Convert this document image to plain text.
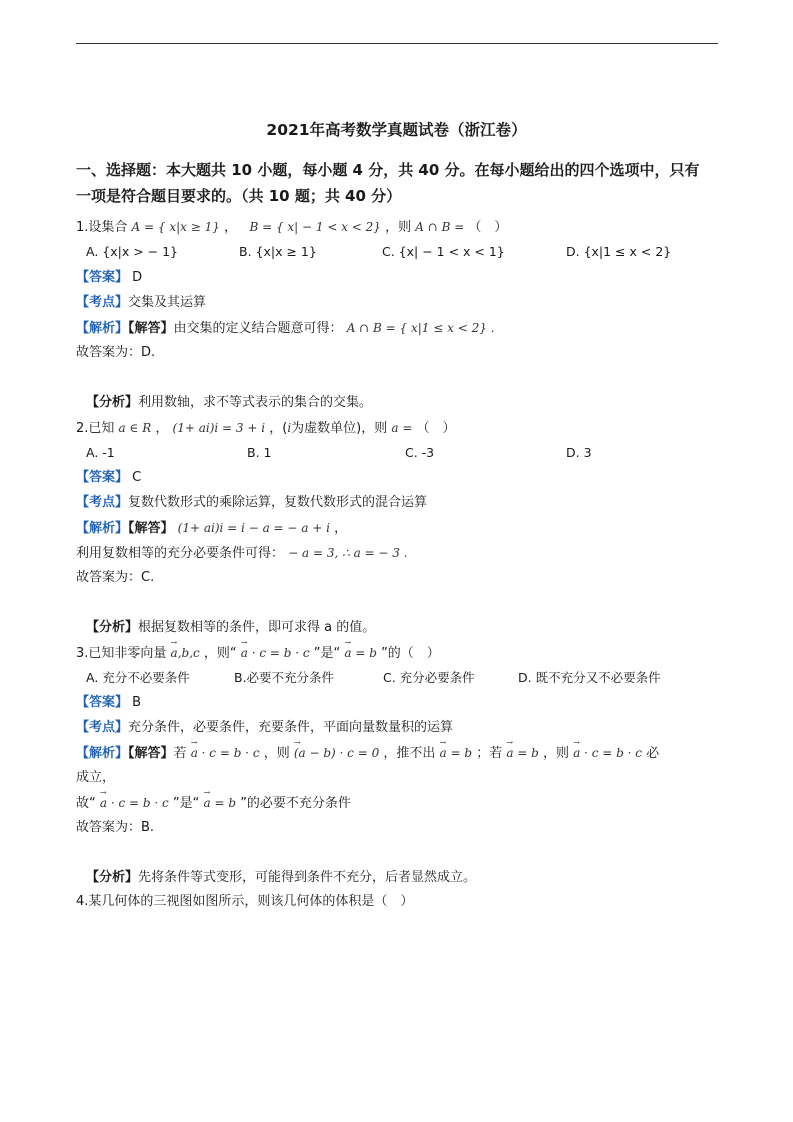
2021年高考数学真题试卷（浙江卷）
一、选择题：本大题共 10 小题，每小题 4 分，共 40 分。在每小题给出的四个选项中，只有
一项是符合题目要求的。（共 10 题；共 40 分）
1.设集合 A = { x|x ≥ 1} ， B = { x| − 1 < x < 2} ，则 A ∩ B = （　）
A. {x|x > − 1}	B. {x|x ≥ 1}	C. {x| − 1 < x < 1}	D. {x|1 ≤ x < 2}
【答案】 D
【考点】交集及其运算
【解析】【解答】由交集的定义结合题意可得： A ∩ B = { x|1 ≤ x < 2} .
故答案为：D.
【分析】利用数轴，求不等式表示的集合的交集。
2.已知 a ∈ R ， (1+ ai)i = 3 + i ，(i为虚数单位)，则 a = （　）
A. -1	B. 1	C. -3	D. 3
【答案】 C
【考点】复数代数形式的乘除运算，复数代数形式的混合运算
【解析】【解答】 (1+ ai)i = i − a = − a + i ，
利用复数相等的充分必要条件可得： − a = 3, ∴ a = − 3 .
故答案为：C.
【分析】根据复数相等的条件，即可求得 a 的值。
3.已知非零向量 → a,b,c ，则“ → a · c = b · c ”是“ → a = b ”的（　）
A. 充分不必要条件	B.必要不充分条件	C. 充分必要条件	D. 既不充分又不必要条件
【答案】 B
【考点】充分条件，必要条件，充要条件，平面向量数量积的运算
【解析】【解答】若 → a · c = b · c ，则 → (a − b) · c = 0 ，推不出 → a = b ；若 → a = b ，则 → a · c = b · c 必
成立，
故“ → a · c = b · c ”是“ → a = b ”的必要不充分条件
故答案为：B.
【分析】先将条件等式变形，可能得到条件不充分，后者显然成立。
4.某几何体的三视图如图所示，则该几何体的体积是（　）
